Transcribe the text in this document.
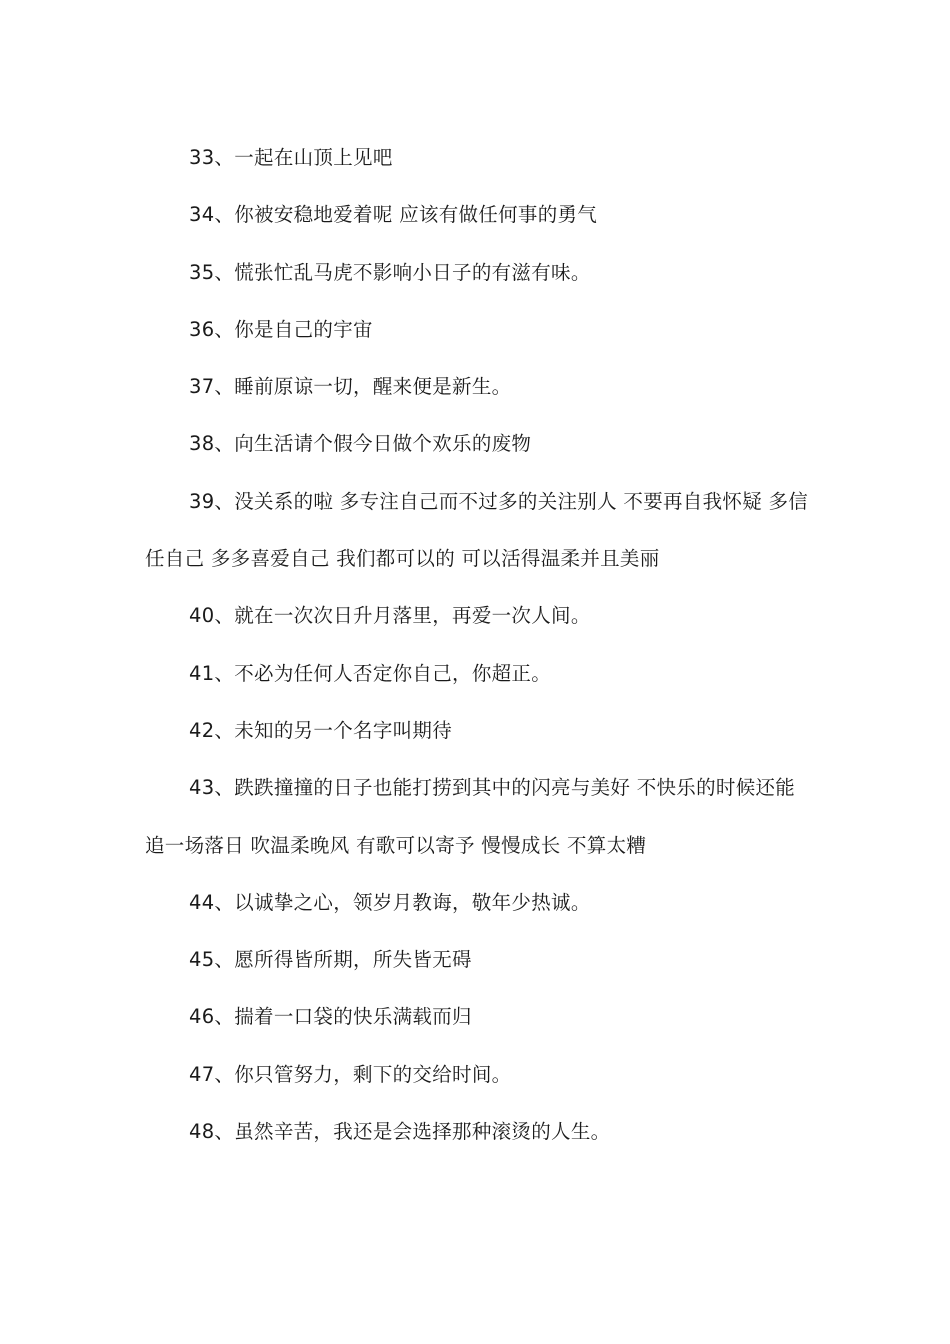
33、一起在山顶上见吧

34、你被安稳地爱着呢 应该有做任何事的勇气

35、慌张忙乱马虎不影响小日子的有滋有味。

36、你是自己的宇宙

37、睡前原谅一切，醒来便是新生。

38、向生活请个假今日做个欢乐的废物

39、没关系的啦 多专注自己而不过多的关注别人 不要再自我怀疑 多信任自己 多多喜爱自己 我们都可以的 可以活得温柔并且美丽

40、就在一次次日升月落里，再爱一次人间。

41、不必为任何人否定你自己，你超正。

42、未知的另一个名字叫期待

43、跌跌撞撞的日子也能打捞到其中的闪亮与美好 不快乐的时候还能追一场落日 吹温柔晚风 有歌可以寄予 慢慢成长 不算太糟

44、以诚挚之心，领岁月教诲，敬年少热诚。

45、愿所得皆所期，所失皆无碍

46、揣着一口袋的快乐满载而归

47、你只管努力，剩下的交给时间。

48、虽然辛苦，我还是会选择那种滚烫的人生。
